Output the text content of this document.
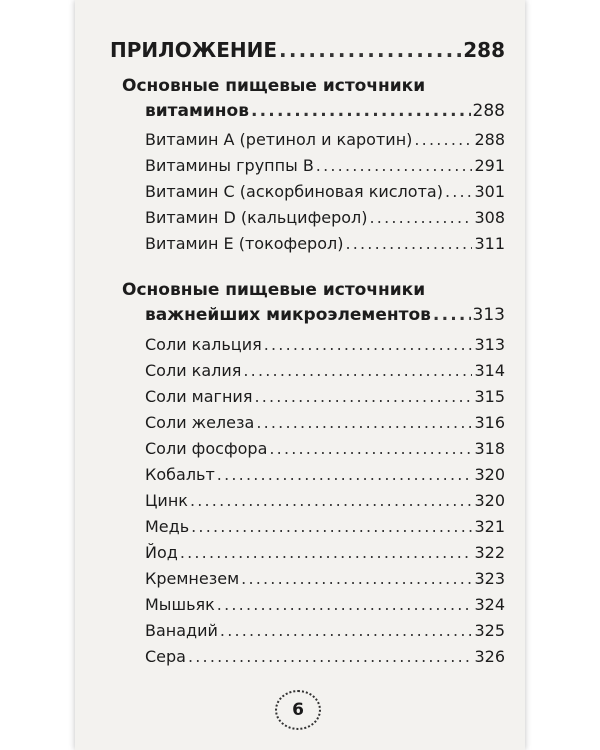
ПРИЛОЖЕНИЕ .....	288
Основные пищевые источники
витаминов .....	288
Витамин А (ретинол и каротин) .....	288
Витамины группы В .....	291
Витамин С (аскорбиновая кислота) ..... 301
Витамин D (кальциферол) .....	308
Витамин Е (токоферол) .....	311
Основные пищевые источники
важнейших микроэлементов ..... 313
Соли кальция .....	313
Соли калия .....	314
Соли магния .....	315
Соли железа .....	316
Соли фосфора .....	318
Кобальт .....	320
Цинк .....	320
Медь .....	321
Йод .....	322
Кремнезем .....	323
Мышьяк .....	324
Ванадий .....	325
Сера .....	326
6
